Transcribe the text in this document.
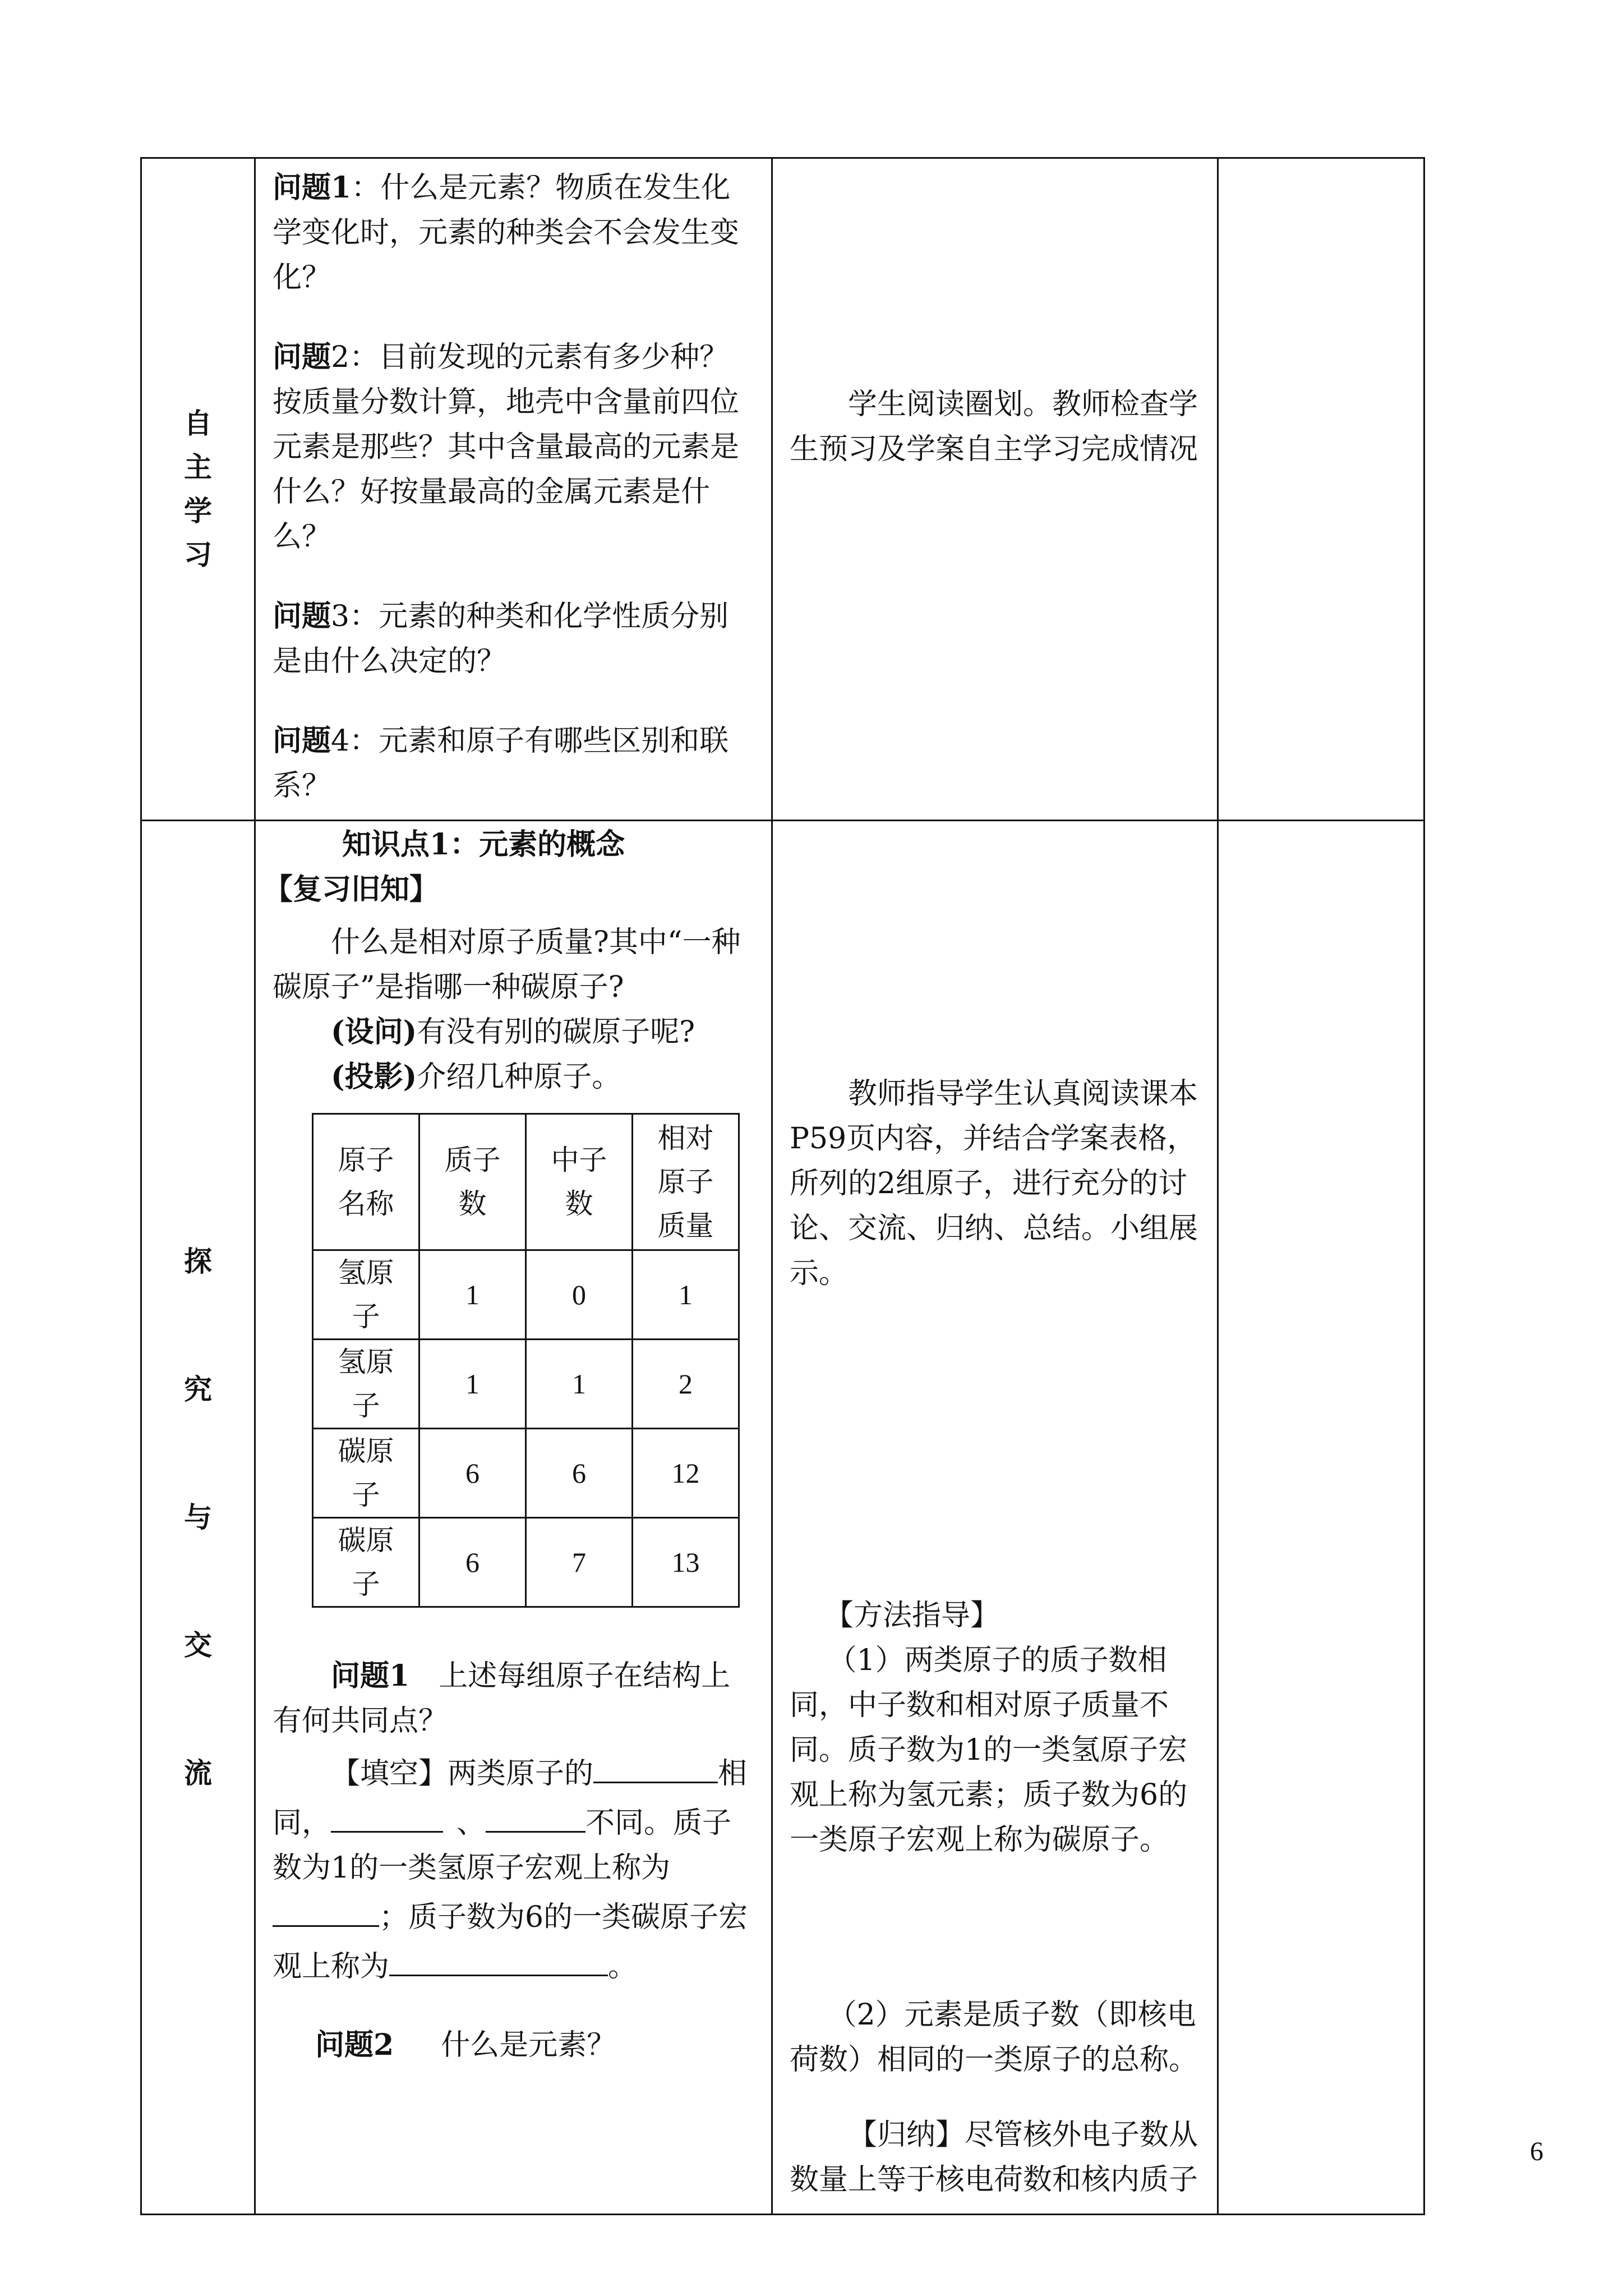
自
主
学
习

问题1：什么是元素？物质在发生化学变化时，元素的种类会不会发生变化？
问题2：目前发现的元素有多少种？按质量分数计算，地壳中含量前四位元素是那些？其中含量最高的元素是什么？好按量最高的金属元素是什么？
问题3：元素的种类和化学性质分别是由什么决定的？
问题4：元素和原子有哪些区别和联系？

学生阅读圈划。教师检查学生预习及学案自主学习完成情况

探
究
与
交
流

知识点1：元素的概念
【复习旧知】
什么是相对原子质量?其中“一种碳原子”是指哪一种碳原子?
(设问)有没有别的碳原子呢?
(投影)介绍几种原子。
原子名称	质子数	中子数	相对原子质量
氢原子	1	0	1
氢原子	1	1	2
碳原子	6	6	12
碳原子	6	7	13
问题1 上述每组原子在结构上有何共同点？
【填空】两类原子的	相同，	、	不同。质子数为1的一类氢原子宏观上称为；质子数为6的一类碳原子宏观上称为	。
问题2 什么是元素？

教师指导学生认真阅读课本P59页内容，并结合学案表格，所列的2组原子，进行充分的讨论、交流、归纳、总结。小组展示。
【方法指导】
（1）两类原子的质子数相同，中子数和相对原子质量不同。质子数为1的一类氢原子宏观上称为氢元素；质子数为6的一类原子宏观上称为碳原子。
（2）元素是质子数（即核电荷数）相同的一类原子的总称。
【归纳】尽管核外电子数从数量上等于核电荷数和核内质子

6
